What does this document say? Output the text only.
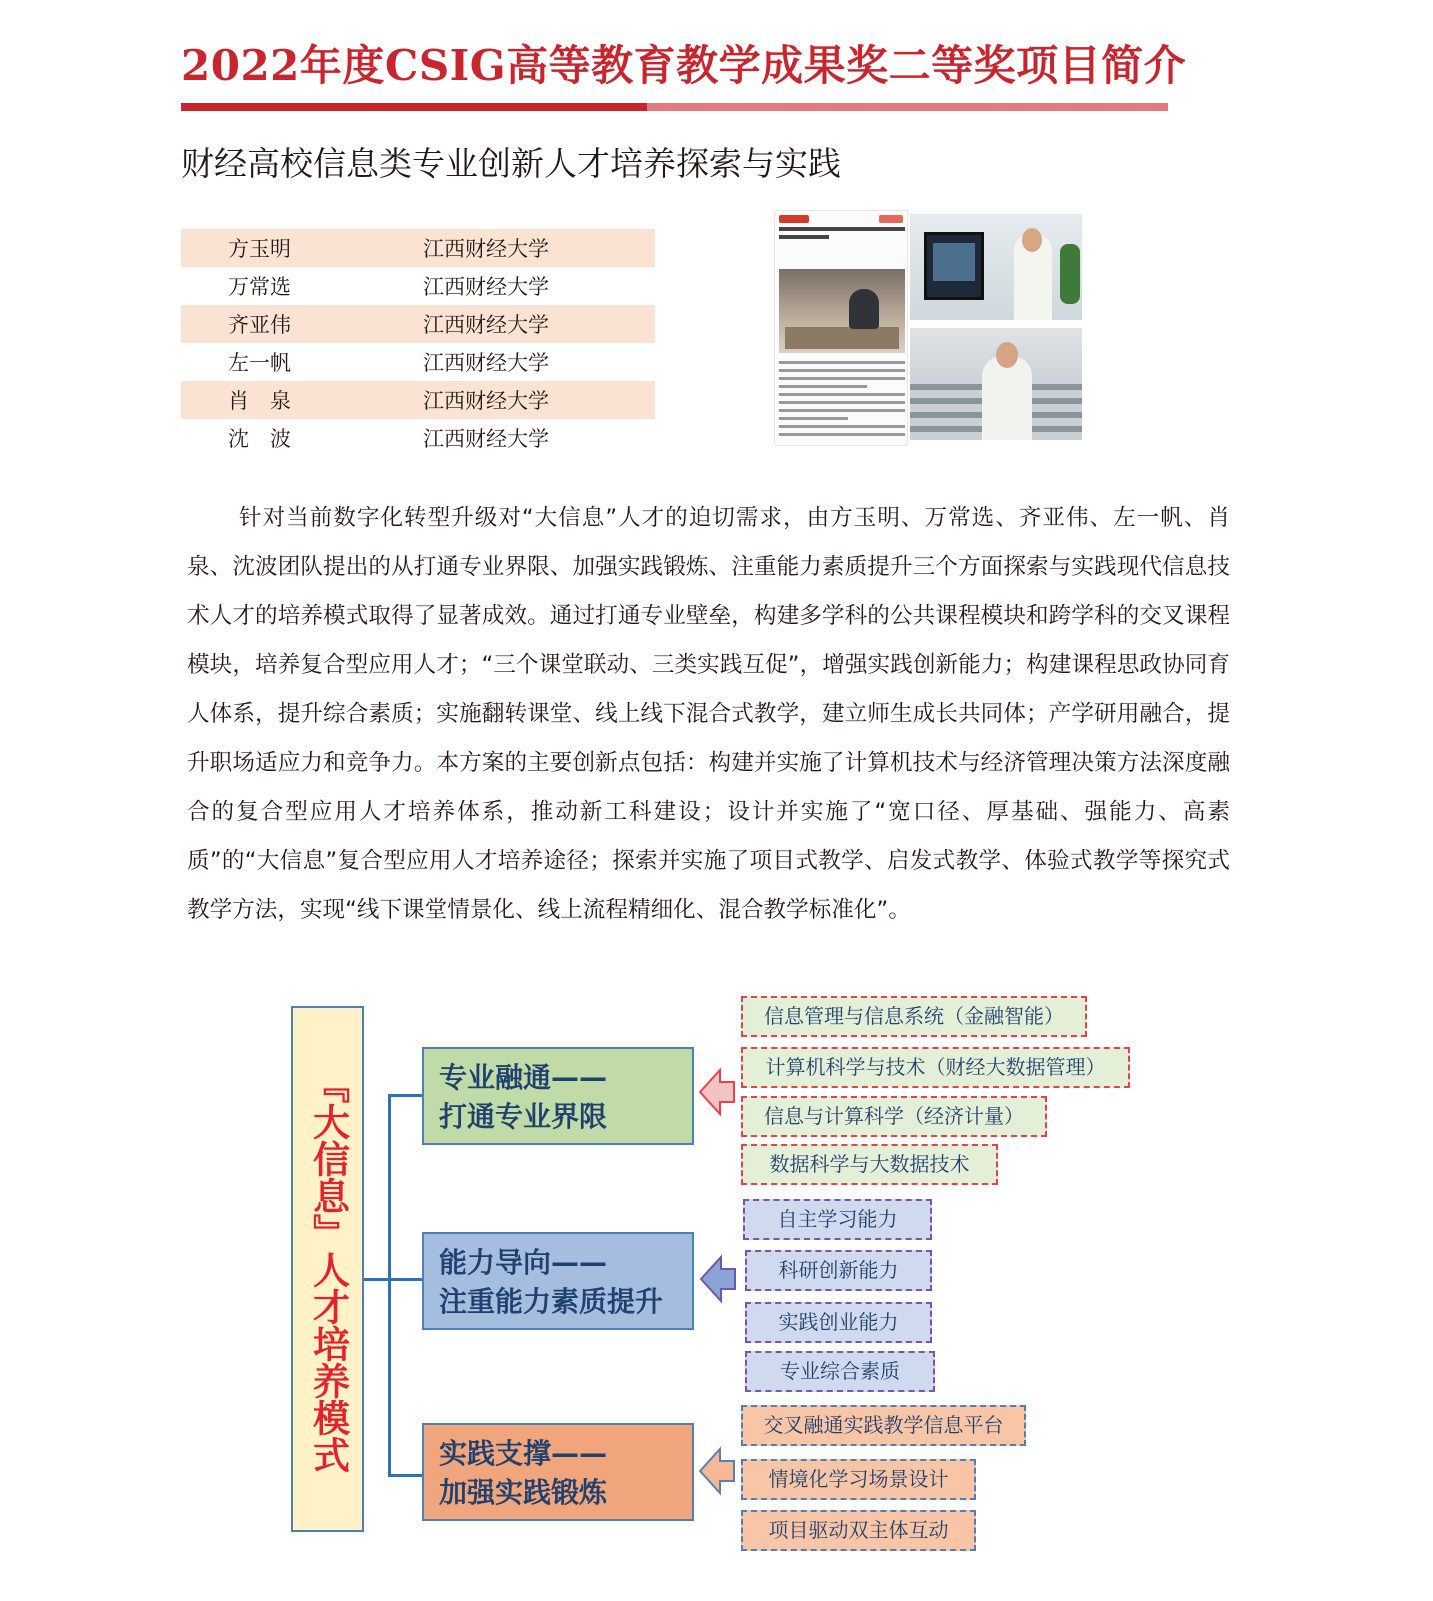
2022年度CSIG高等教育教学成果奖二等奖项目简介
财经高校信息类专业创新人才培养探索与实践
方玉明	江西财经大学
万常选	江西财经大学
齐亚伟	江西财经大学
左一帆	江西财经大学
肖　泉	江西财经大学
沈　波	江西财经大学

针对当前数字化转型升级对“大信息”人才的迫切需求，由方玉明、万常选、齐亚伟、左一帆、肖泉、沈波团队提出的从打通专业界限、加强实践锻炼、注重能力素质提升三个方面探索与实践现代信息技术人才的培养模式取得了显著成效。通过打通专业壁垒，构建多学科的公共课程模块和跨学科的交叉课程模块，培养复合型应用人才；“三个课堂联动、三类实践互促”，增强实践创新能力；构建课程思政协同育人体系，提升综合素质；实施翻转课堂、线上线下混合式教学，建立师生成长共同体；产学研用融合，提升职场适应力和竞争力。本方案的主要创新点包括：构建并实施了计算机技术与经济管理决策方法深度融合的复合型应用人才培养体系，推动新工科建设；设计并实施了“宽口径、厚基础、强能力、高素质”的“大信息”复合型应用人才培养途径；探索并实施了项目式教学、启发式教学、体验式教学等探究式教学方法，实现“线下课堂情景化、线上流程精细化、混合教学标准化”。

『大信息』人才培养模式	专业融通——
打通专业界限
能力导向——
注重能力素质提升
实践支撑——
加强实践锻炼
信息管理与信息系统（金融智能）
计算机科学与技术（财经大数据管理）
信息与计算科学（经济计量）
数据科学与大数据技术
自主学习能力
科研创新能力
实践创业能力
专业综合素质
交叉融通实践教学信息平台
情境化学习场景设计
项目驱动双主体互动
